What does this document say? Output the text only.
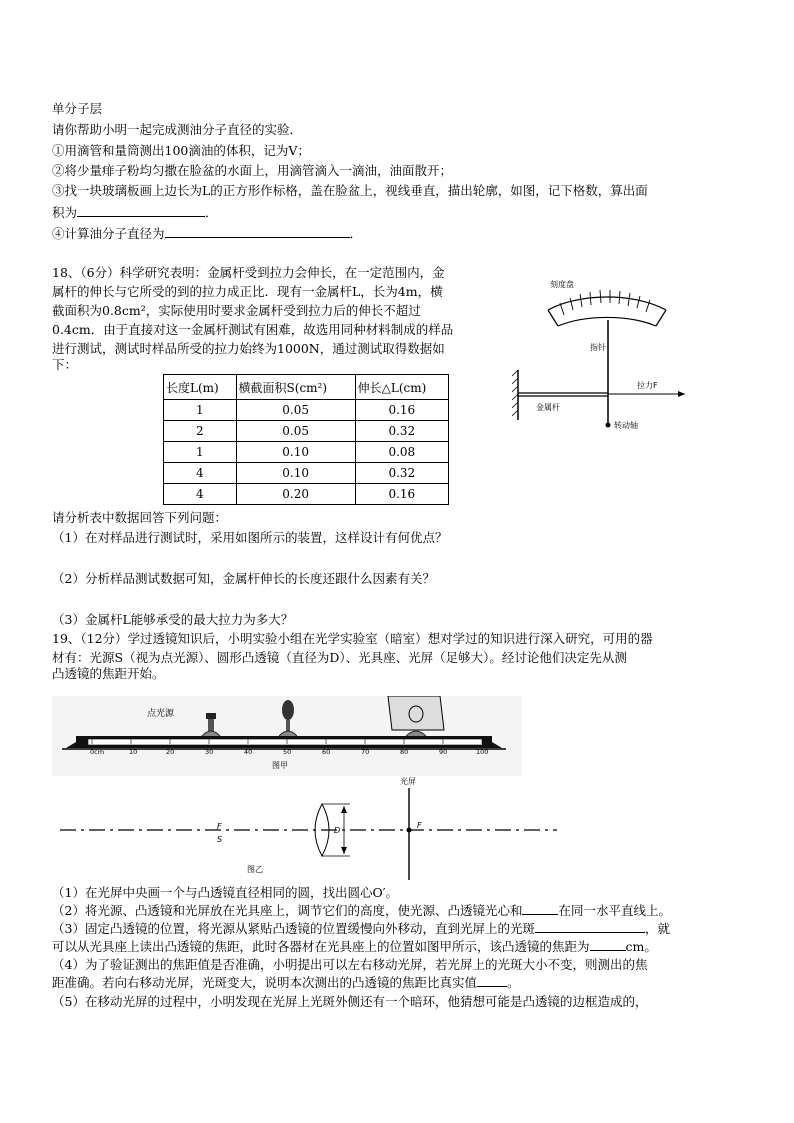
单分子层
请你帮助小明一起完成测油分子直径的实验．
①用滴管和量筒测出100滴油的体积，记为V；
②将少量痱子粉均匀撒在脸盆的水面上，用滴管滴入一滴油，油面散开；
③找一块玻璃板画上边长为L的正方形作标格，盖在脸盆上，视线垂直，描出轮廓，如图，记下格数，算出面
积为	．
④计算油分子直径为	．
18、（6分）科学研究表明：金属杆受到拉力会伸长，在一定范围内，金
属杆的伸长与它所受的到的拉力成正比．现有一金属杆L，长为4m，横
截面积为0.8cm²，实际使用时要求金属杆受到拉力后的伸长不超过
0.4cm．由于直接对这一金属杆测试有困难，故选用同种材料制成的样品
进行测试，测试时样品所受的拉力始终为1000N，通过测试取得数据如
下：
长度L(m)	横截面积S(cm²)	伸长△L(cm)
1	0.05	0.16
2	0.05	0.32
1	0.10	0.08
4	0.10	0.32
4	0.20	0.16
刻度盘
指针
金属杆
拉力F
转动轴
请分析表中数据回答下列问题：
（1）在对样品进行测试时，采用如图所示的装置，这样设计有何优点？
（2）分析样品测试数据可知，金属杆伸长的长度还跟什么因素有关？
（3）金属杆L能够承受的最大拉力为多大？
19、（12分）学过透镜知识后，小明实验小组在光学实验室（暗室）想对学过的知识进行深入研究，可用的器
材有：光源S（视为点光源）、圆形凸透镜（直径为D）、光具座、光屏（足够大）。经讨论他们决定先从测
凸透镜的焦距开始。
0cm	10	20	30	40	50	60	70	80	90	100
点光源
图甲
F
S
D
光屏
F
图乙
（1）在光屏中央画一个与凸透镜直径相同的圆，找出圆心O′。
（2）将光源、凸透镜和光屏放在光具座上，调节它们的高度，使光源、凸透镜光心和	在同一水平直线上。
（3）固定凸透镜的位置，将光源从紧贴凸透镜的位置缓慢向外移动，直到光屏上的光斑	，就
可以从光具座上读出凸透镜的焦距，此时各器材在光具座上的位置如图甲所示，该凸透镜的焦距为	cm。
（4）为了验证测出的焦距值是否准确，小明提出可以左右移动光屏，若光屏上的光斑大小不变，则测出的焦
距准确。若向右移动光屏，光斑变大，说明本次测出的凸透镜的焦距比真实值 。
（5）在移动光屏的过程中，小明发现在光屏上光斑外侧还有一个暗环，他猜想可能是凸透镜的边框造成的，
